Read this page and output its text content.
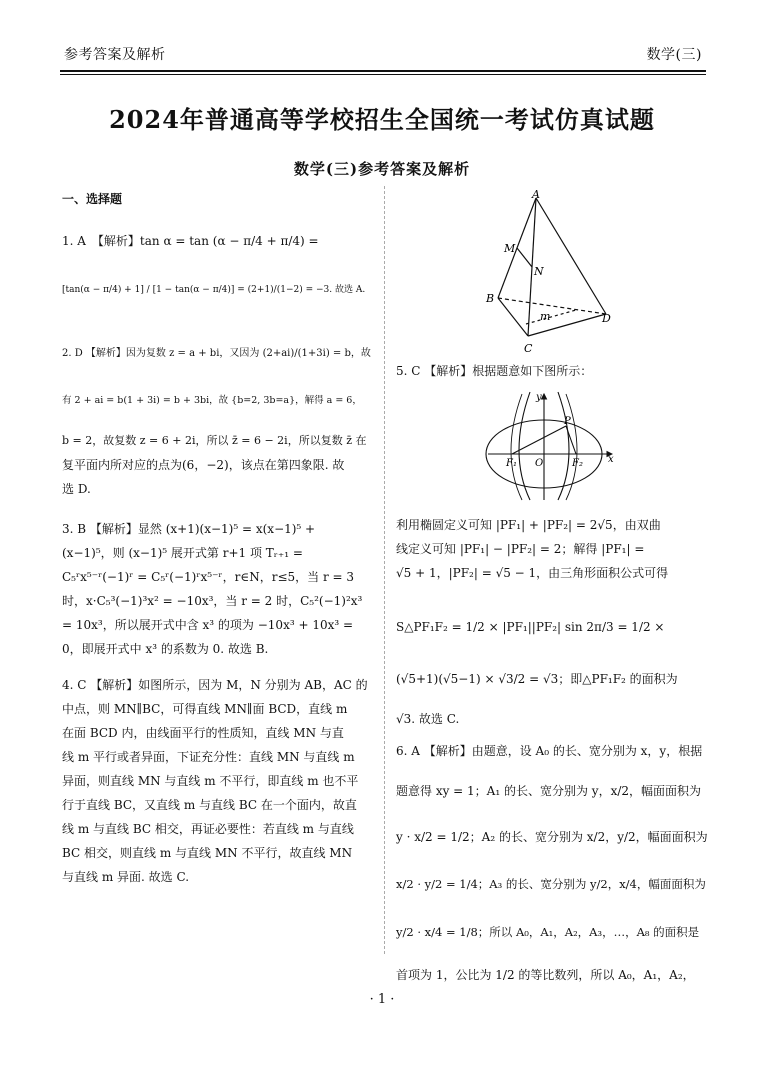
参考答案及解析	数学(三)
2024年普通高等学校招生全国统一考试仿真试题
数学(三)参考答案及解析
一、选择题
1. A　【解析】tan α = tan (α − π/4 + π/4) =
[tan(α − π/4) + 1] / [1 − tan(α − π/4)] = (2+1)/(1−2) = −3. 故选 A.
2. D 【解析】因为复数 z = a + bi，又因为 (2+ai)/(1+3i) = b，故
有 2 + ai = b(1 + 3i) = b + 3bi，故 {b=2, 3b=a}，解得 a = 6，
b = 2，故复数 z = 6 + 2i，所以 z̄ = 6 − 2i，所以复数 z̄ 在
复平面内所对应的点为(6，−2)，该点在第四象限. 故
选 D.
3. B 【解析】显然 (x+1)(x−1)⁵ = x(x−1)⁵ +
(x−1)⁵，则 (x−1)⁵ 展开式第 r+1 项 Tᵣ₊₁ =
C₅ʳx⁵⁻ʳ(−1)ʳ = C₅ʳ(−1)ʳx⁵⁻ʳ，r∈N，r≤5，当 r = 3
时，x·C₅³(−1)³x² = −10x³，当 r = 2 时，C₅²(−1)²x³
= 10x³，所以展开式中含 x³ 的项为 −10x³ + 10x³ =
0，即展开式中 x³ 的系数为 0. 故选 B.
4. C 【解析】如图所示，因为 M，N 分别为 AB，AC 的
中点，则 MN∥BC，可得直线 MN∥面 BCD，直线 m
在面 BCD 内，由线面平行的性质知，直线 MN 与直
线 m 平行或者异面，下证充分性：直线 MN 与直线 m
异面，则直线 MN 与直线 m 不平行，即直线 m 也不平
行于直线 BC，又直线 m 与直线 BC 在一个面内，故直
线 m 与直线 BC 相交，再证必要性：若直线 m 与直线
BC 相交，则直线 m 与直线 MN 不平行，故直线 MN
与直线 m 异面. 故选 C.
5. C 【解析】根据题意如下图所示：
利用椭圆定义可知 |PF₁| + |PF₂| = 2√5，由双曲
线定义可知 |PF₁| − |PF₂| = 2；解得 |PF₁| =
√5 + 1，|PF₂| = √5 − 1，由三角形面积公式可得
S△PF₁F₂ = 1/2 × |PF₁||PF₂| sin 2π/3 = 1/2 ×
(√5+1)(√5−1) × √3/2 = √3；即△PF₁F₂ 的面积为
√3. 故选 C.
6. A 【解析】由题意，设 A₀ 的长、宽分别为 x，y，根据
题意得 xy = 1；A₁ 的长、宽分别为 y，x/2，幅面面积为
y · x/2 = 1/2；A₂ 的长、宽分别为 x/2，y/2，幅面面积为
x/2 · y/2 = 1/4；A₃ 的长、宽分别为 y/2，x/4，幅面面积为
y/2 · x/4 = 1/8；所以 A₀，A₁，A₂，A₃，…，A₈ 的面积是
首项为 1，公比为 1/2 的等比数列，所以 A₀，A₁，A₂，
A
M
N
B
m	D
C
y
P
F₁ O	F₂	x
· 1 ·
